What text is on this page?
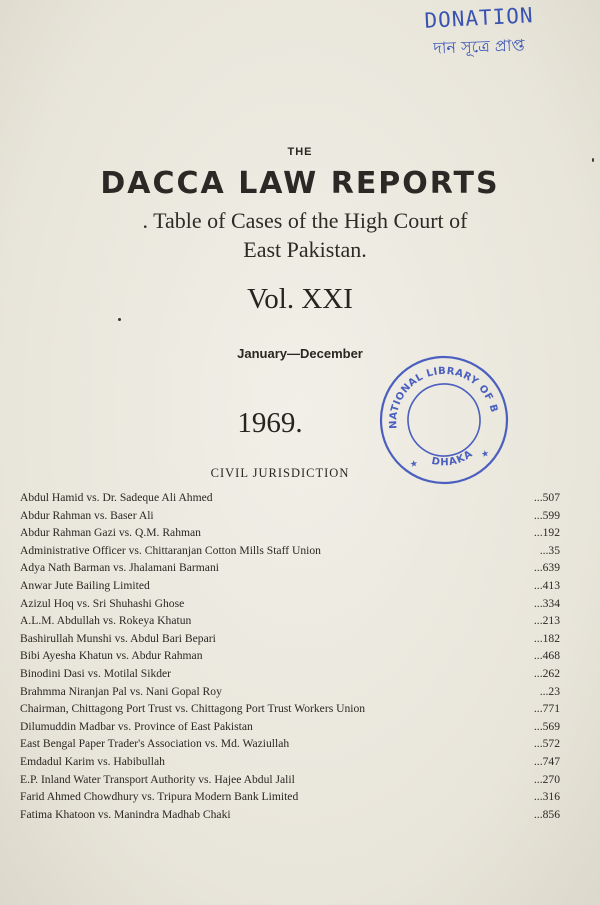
DONATION
দান সূত্রে প্রাপ্ত
THE
DACCA LAW REPORTS
. Table of Cases of the High Court of
East Pakistan.
Vol. XXI
January—December
1969.
CIVIL JURISDICTION
NATIONAL LIBRARY OF BANGLADESH
DHAKA
★
★
Abdul Hamid vs. Dr. Sadeque Ali Ahmed	...507
Abdur Rahman vs. Baser Ali	...599
Abdur Rahman Gazi vs. Q.M. Rahman	...192
Administrative Officer vs. Chittaranjan Cotton Mills Staff Union	...35
Adya Nath Barman vs. Jhalamani Barmani	...639
Anwar Jute Bailing Limited	...413
Azizul Hoq vs. Sri Shuhashi Ghose	...334
A.L.M. Abdullah vs. Rokeya Khatun	...213
Bashirullah Munshi vs. Abdul Bari Bepari	...182
Bibi Ayesha Khatun vs. Abdur Rahman	...468
Binodini Dasi vs. Motilal Sikder	...262
Brahmma Niranjan Pal vs. Nani Gopal Roy	...23
Chairman, Chittagong Port Trust vs. Chittagong Port Trust Workers Union	...771
Dilumuddin Madbar vs. Province of East Pakistan	...569
East Bengal Paper Trader's Association vs. Md. Waziullah	...572
Emdadul Karim vs. Habibullah	...747
E.P. Inland Water Transport Authority vs. Hajee Abdul Jalil	...270
Farid Ahmed Chowdhury vs. Tripura Modern Bank Limited	...316
Fatima Khatoon vs. Manindra Madhab Chaki	...856
